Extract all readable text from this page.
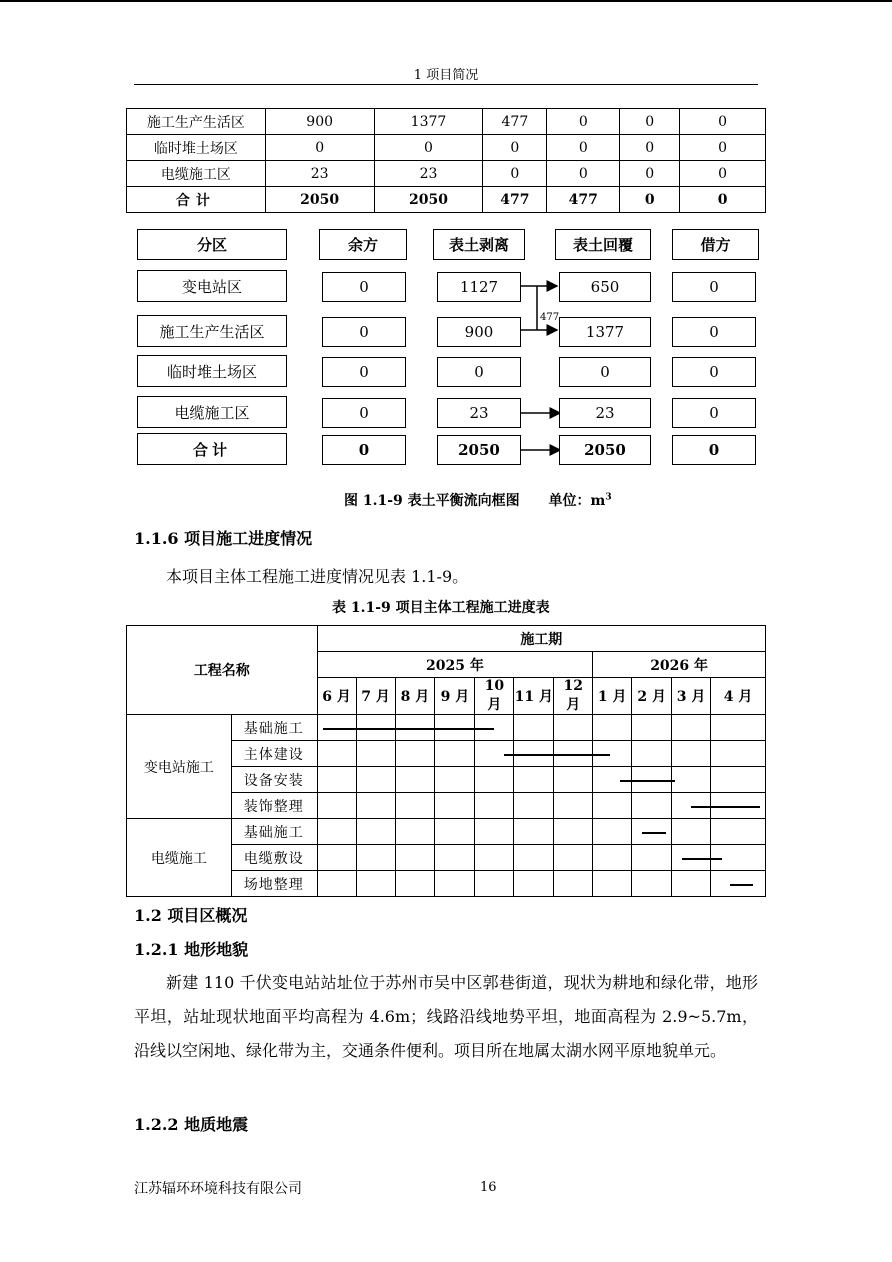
1 项目简况
施工生产生活区	900	1377	477	0	0	0
临时堆土场区	0	0	0	0	0	0
电缆施工区	23	23	0	0	0	0
合计	2050	2050	477	477	0	0
477
分区	余方	表土剥离	表土回覆	借方
变电站区	0	1127	650	0
施工生产生活区	0	900	1377	0
临时堆土场区	0	0	0	0
电缆施工区	0	23	23	0
合计	0	2050	2050	0
图 1.1-9 表土平衡流向框图 单位：$m^3$
1.1.6 项目施工进度情况

本项目主体工程施工进度情况见表 1.1-9。

表 1.1-9 项目主体工程施工进度表
工程名称		施工期										
		2025 年							2026 年			
		6 月	7 月	8 月	9 月	10 月	11 月	12 月	1 月	2 月	3 月	4 月
变电站施工	基础施工											
	主体建设											
	设备安装											
	装饰整理											
电缆施工	基础施工											
	电缆敷设											
	场地整理											
1.2 项目区概况
1.2.1 地形地貌

新建 110 千伏变电站站址位于苏州市吴中区郭巷街道，现状为耕地和绿化带，地形平坦，站址现状地面平均高程为 4.6m；线路沿线地势平坦，地面高程为 2.9~5.7m，沿线以空闲地、绿化带为主，交通条件便利。项目所在地属太湖水网平原地貌单元。

1.2.2 地质地震
江苏辐环环境科技有限公司	16
